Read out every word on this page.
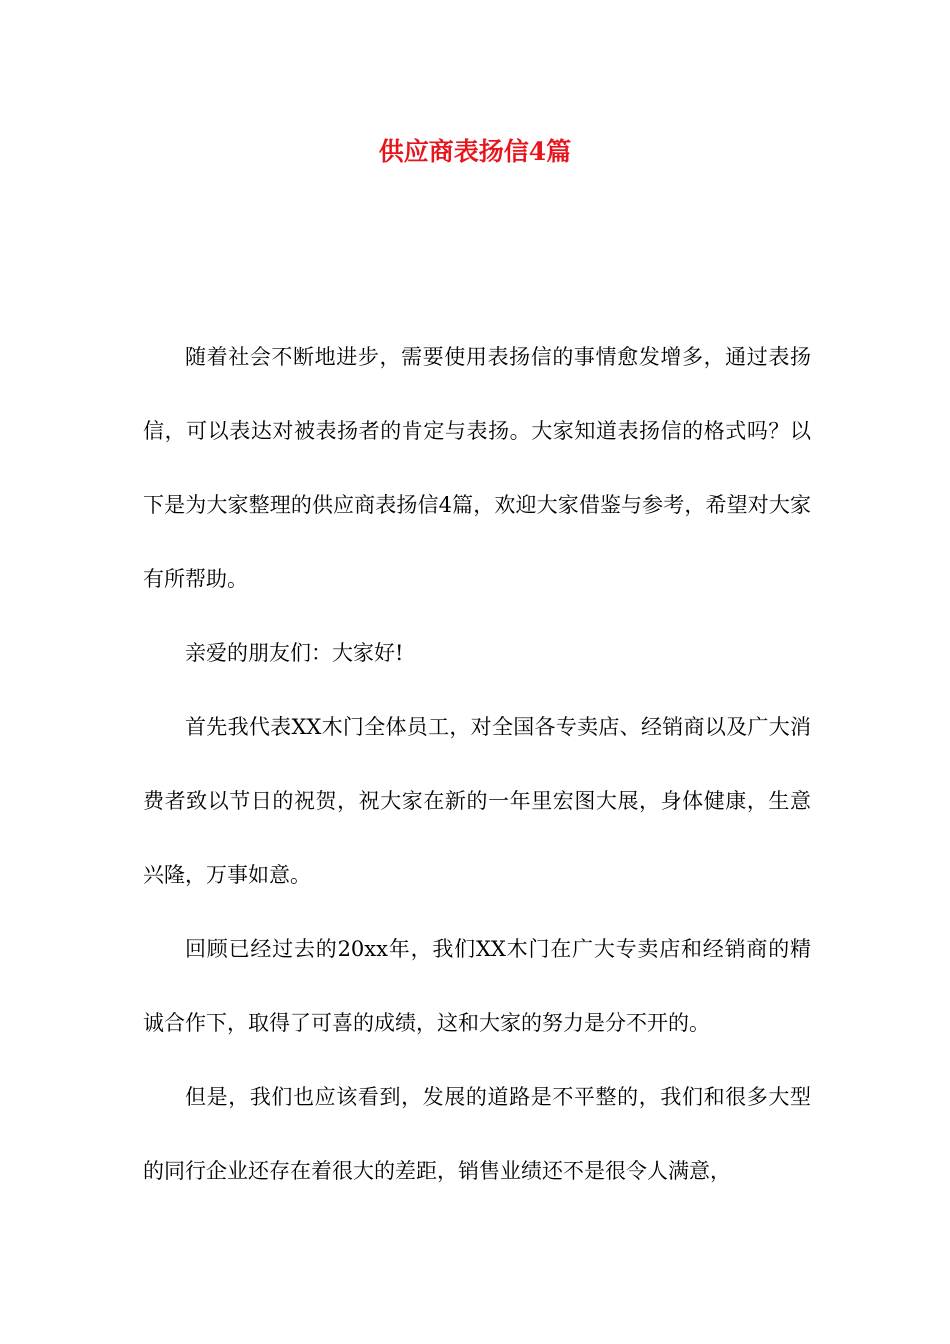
供应商表扬信4篇

随着社会不断地进步，需要使用表扬信的事情愈发增多，通过表扬信，可以表达对被表扬者的肯定与表扬。大家知道表扬信的格式吗？以下是为大家整理的供应商表扬信4篇，欢迎大家借鉴与参考，希望对大家有所帮助。

亲爱的朋友们：大家好!

首先我代表XX木门全体员工，对全国各专卖店、经销商以及广大消费者致以节日的祝贺，祝大家在新的一年里宏图大展，身体健康，生意兴隆，万事如意。

回顾已经过去的20xx年，我们XX木门在广大专卖店和经销商的精诚合作下，取得了可喜的成绩，这和大家的努力是分不开的。

但是，我们也应该看到，发展的道路是不平整的，我们和很多大型的同行企业还存在着很大的差距，销售业绩还不是很令人满意，
